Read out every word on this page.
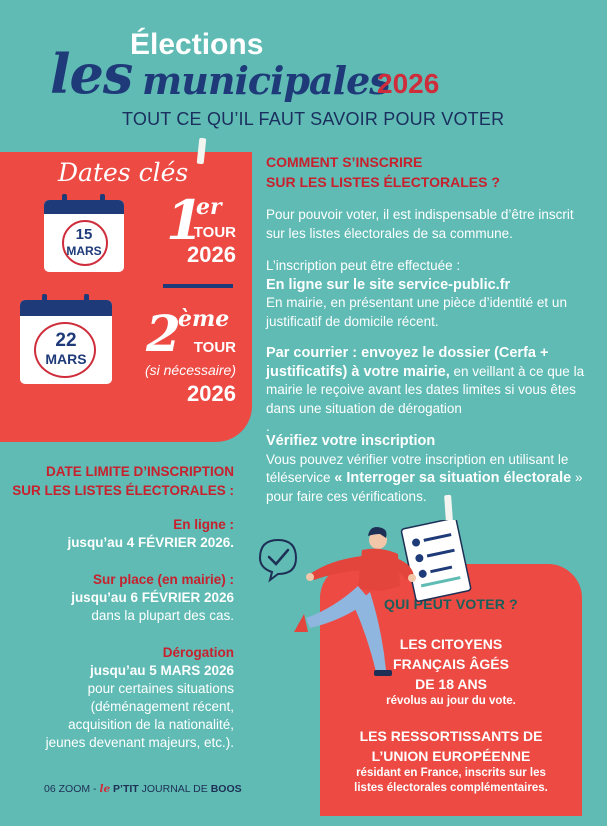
Élections
les municipales
2026
TOUT CE QU’IL FAUT SAVOIR POUR VOTER
Dates clés
15
MARS	1
er
TOUR
2026
22
MARS	2
ème
TOUR
(si nécessaire)
2026
COMMENT S’INSCRIRE
SUR LES LISTES ÉLECTORALES ?
Pour pouvoir voter, il est indispensable d’être inscrit sur les listes électorales de sa commune.
L’inscription peut être effectuée :
En ligne sur le site service-public.fr
En mairie, en présentant une pièce d’identité et un justificatif de domicile récent.
Par courrier : envoyez le dossier (Cerfa + justificatifs) à votre mairie, en veillant à ce que la mairie le reçoive avant les dates limites si vous êtes dans une situation de dérogation
.
Vérifiez votre inscription
Vous pouvez vérifier votre inscription en utilisant le téléservice « Interroger sa situation électorale » pour faire ces vérifications.
DATE LIMITE D’INSCRIPTION
SUR LES LISTES ÉLECTORALES :
En ligne :
jusqu’au 4 FÉVRIER 2026.
Sur place (en mairie) :
jusqu’au 6 FÉVRIER 2026
dans la plupart des cas.
Dérogation
jusqu’au 5 MARS 2026
pour certaines situations
(déménagement récent,
acquisition de la nationalité,
jeunes devenant majeurs, etc.).
QUI PEUT VOTER ?
LES CITOYENS
FRANÇAIS ÂGÉS
DE 18 ANS
révolus au jour du vote.
LES RESSORTISSANTS DE
L’UNION EUROPÉENNE
résidant en France, inscrits sur les
listes électorales complémentaires.
06 ZOOM - le P’TIT JOURNAL DE BOOS
